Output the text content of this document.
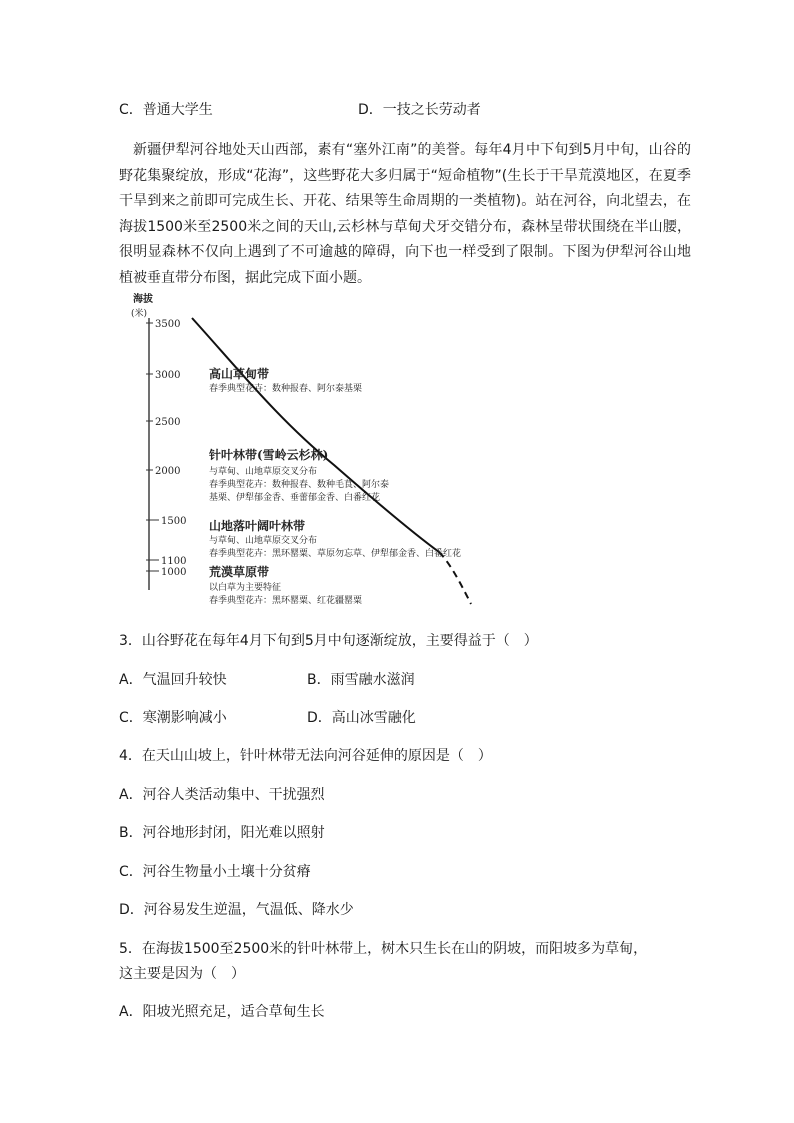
C．普通大学生	D．一技之长劳动者
新疆伊犁河谷地处天山西部，素有“塞外江南”的美誉。每年4月中下旬到5月中旬，山谷的野花集聚绽放，形成“花海”，这些野花大多归属于“短命植物”(生长于干旱荒漠地区，在夏季干旱到来之前即可完成生长、开花、结果等生命周期的一类植物)。站在河谷，向北望去，在海拔1500米至2500米之间的天山,云杉林与草甸犬牙交错分布，森林呈带状围绕在半山腰，很明显森林不仅向上遇到了不可逾越的障碍，向下也一样受到了限制。下图为伊犁河谷山地植被垂直带分布图，据此完成下面小题。
海拔
(米)
3500
3000
2500
2000
1500
1100
1000
高山草甸带
春季典型花卉：数种报春、阿尔泰基栗
针叶林带(雪岭云杉林)
与草甸、山地草原交叉分布
春季典型花卉：数种报春、数种毛茛、阿尔泰
基栗、伊犁郁金香、垂蕾郁金香、白番红花
山地落叶阔叶林带
与草甸、山地草原交叉分布
春季典型花卉：黑环罂粟、草原勿忘草、伊犁郁金香、白番红花
荒漠草原带
以白草为主要特征
春季典型花卉：黑环罂粟、红花疆罂粟
3．山谷野花在每年4月下旬到5月中旬逐渐绽放，主要得益于（　）
A．气温回升较快	B．雨雪融水滋润
C．寒潮影响减小	D．高山冰雪融化
4．在天山山坡上，针叶林带无法向河谷延伸的原因是（　）
A．河谷人类活动集中、干扰强烈
B．河谷地形封闭，阳光难以照射
C．河谷生物量小土壤十分贫瘠
D．河谷易发生逆温，气温低、降水少
5．在海拔1500至2500米的针叶林带上，树木只生长在山的阴坡，而阳坡多为草甸，
这主要是因为（　）
A．阳坡光照充足，适合草甸生长
